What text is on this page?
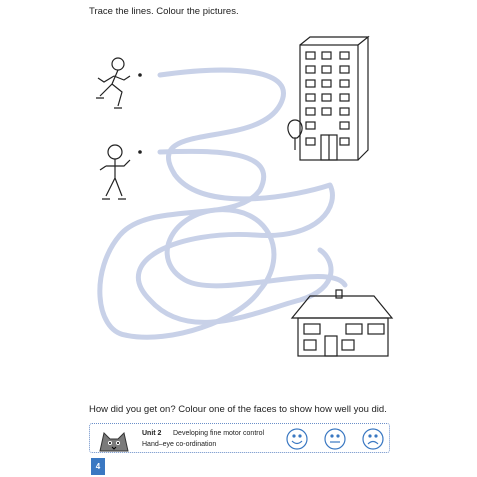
Trace the lines. Colour the pictures.
How did you get on? Colour one of the faces to show how well you did.
Unit 2 Developing fine motor control
Hand–eye co-ordination
4
